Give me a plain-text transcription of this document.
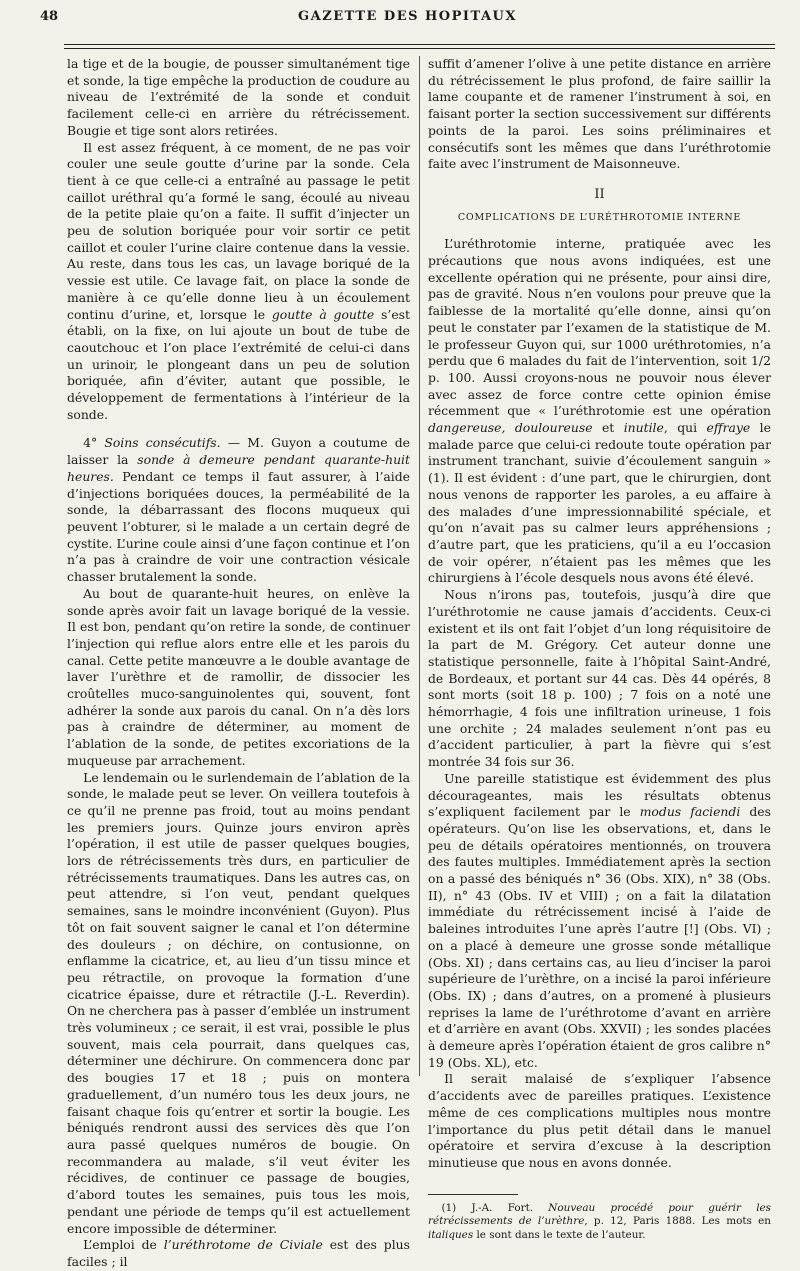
48	GAZETTE DES HOPITAUX

la tige et de la bougie, de pousser simultanément tige et sonde, la tige empêche la production de coudure au niveau de l’extrémité de la sonde et conduit facilement celle-ci en arrière du rétrécissement. Bougie et tige sont alors retirées.

Il est assez fréquent, à ce moment, de ne pas voir couler une seule goutte d’urine par la sonde. Cela tient à ce que celle-ci a entraîné au passage le petit caillot uréthral qu’a formé le sang, écoulé au niveau de la petite plaie qu’on a faite. Il suffit d’injecter un peu de solution boriquée pour voir sortir ce petit caillot et couler l’urine claire contenue dans la vessie. Au reste, dans tous les cas, un lavage boriqué de la vessie est utile. Ce lavage fait, on place la sonde de manière à ce qu’elle donne lieu à un écoulement continu d’urine, et, lorsque le goutte à goutte s’est établi, on la fixe, on lui ajoute un bout de tube de caoutchouc et l’on place l’extrémité de celui-ci dans un urinoir, le plongeant dans un peu de solution boriquée, afin d’éviter, autant que possible, le développement de fermentations à l’intérieur de la sonde.

4° Soins consécutifs. — M. Guyon a coutume de laisser la sonde à demeure pendant quarante-huit heures. Pendant ce temps il faut assurer, à l’aide d’injections boriquées douces, la perméabilité de la sonde, la débarrassant des flocons muqueux qui peuvent l’obturer, si le malade a un certain degré de cystite. L’urine coule ainsi d’une façon continue et l’on n’a pas à craindre de voir une contraction vésicale chasser brutalement la sonde.

Au bout de quarante-huit heures, on enlève la sonde après avoir fait un lavage boriqué de la vessie. Il est bon, pendant qu’on retire la sonde, de continuer l’injection qui reflue alors entre elle et les parois du canal. Cette petite manœuvre a le double avantage de laver l’urèthre et de ramollir, de dissocier les croûtelles muco-sanguinolentes qui, souvent, font adhérer la sonde aux parois du canal. On n’a dès lors pas à craindre de déterminer, au moment de l’ablation de la sonde, de petites excoriations de la muqueuse par arrachement.

Le lendemain ou le surlendemain de l’ablation de la sonde, le malade peut se lever. On veillera toutefois à ce qu’il ne prenne pas froid, tout au moins pendant les premiers jours. Quinze jours environ après l’opération, il est utile de passer quelques bougies, lors de rétrécissements très durs, en particulier de rétrécissements traumatiques. Dans les autres cas, on peut attendre, si l’on veut, pendant quelques semaines, sans le moindre inconvénient (Guyon). Plus tôt on fait souvent saigner le canal et l’on détermine des douleurs ; on déchire, on contusionne, on enflamme la cicatrice, et, au lieu d’un tissu mince et peu rétractile, on provoque la formation d’une cicatrice épaisse, dure et rétractile (J.-L. Reverdin). On ne cherchera pas à passer d’emblée un instrument très volumineux ; ce serait, il est vrai, possible le plus souvent, mais cela pourrait, dans quelques cas, déterminer une déchirure. On commencera donc par des bougies 17 et 18 ; puis on montera graduellement, d’un numéro tous les deux jours, ne faisant chaque fois qu’entrer et sortir la bougie. Les béniqués rendront aussi des services dès que l’on aura passé quelques numéros de bougie. On recommandera au malade, s’il veut éviter les récidives, de continuer ce passage de bougies, d’abord toutes les semaines, puis tous les mois, pendant une période de temps qu’il est actuellement encore impossible de déterminer.

L’emploi de l’uréthrotome de Civiale est des plus faciles ; il

suffit d’amener l’olive à une petite distance en arrière du rétrécissement le plus profond, de faire saillir la lame coupante et de ramener l’instrument à soi, en faisant porter la section successivement sur différents points de la paroi. Les soins préliminaires et consécutifs sont les mêmes que dans l’uréthrotomie faite avec l’instrument de Maisonneuve.

II
COMPLICATIONS DE L’URÉTHROTOMIE INTERNE

L’uréthrotomie interne, pratiquée avec les précautions que nous avons indiquées, est une excellente opération qui ne présente, pour ainsi dire, pas de gravité. Nous n’en voulons pour preuve que la faiblesse de la mortalité qu’elle donne, ainsi qu’on peut le constater par l’examen de la statistique de M. le professeur Guyon qui, sur 1000 uréthrotomies, n’a perdu que 6 malades du fait de l’intervention, soit 1/2 p. 100. Aussi croyons-nous ne pouvoir nous élever avec assez de force contre cette opinion émise récemment que « l’uréthrotomie est une opération dangereuse, douloureuse et inutile, qui effraye le malade parce que celui-ci redoute toute opération par instrument tranchant, suivie d’écoulement sanguin » (1). Il est évident : d’une part, que le chirurgien, dont nous venons de rapporter les paroles, a eu affaire à des malades d’une impressionnabilité spéciale, et qu’on n’avait pas su calmer leurs appréhensions ; d’autre part, que les praticiens, qu’il a eu l’occasion de voir opérer, n’étaient pas les mêmes que les chirurgiens à l’école desquels nous avons été élevé.

Nous n’irons pas, toutefois, jusqu’à dire que l’uréthrotomie ne cause jamais d’accidents. Ceux-ci existent et ils ont fait l’objet d’un long réquisitoire de la part de M. Grégory. Cet auteur donne une statistique personnelle, faite à l’hôpital Saint-André, de Bordeaux, et portant sur 44 cas. Dès 44 opérés, 8 sont morts (soit 18 p. 100) ; 7 fois on a noté une hémorrhagie, 4 fois une infiltration urineuse, 1 fois une orchite ; 24 malades seulement n’ont pas eu d’accident particulier, à part la fièvre qui s’est montrée 34 fois sur 36.

Une pareille statistique est évidemment des plus décourageantes, mais les résultats obtenus s’expliquent facilement par le modus faciendi des opérateurs. Qu’on lise les observations, et, dans le peu de détails opératoires mentionnés, on trouvera des fautes multiples. Immédiatement après la section on a passé des béniqués n° 36 (Obs. XIX), n° 38 (Obs. II), n° 43 (Obs. IV et VIII) ; on a fait la dilatation immédiate du rétrécissement incisé à l’aide de baleines introduites l’une après l’autre [!] (Obs. VI) ; on a placé à demeure une grosse sonde métallique (Obs. XI) ; dans certains cas, au lieu d’inciser la paroi supérieure de l’urèthre, on a incisé la paroi inférieure (Obs. IX) ; dans d’autres, on a promené à plusieurs reprises la lame de l’uréthrotome d’avant en arrière et d’arrière en avant (Obs. XXVII) ; les sondes placées à demeure après l’opération étaient de gros calibre n° 19 (Obs. XL), etc.

Il serait malaisé de s’expliquer l’absence d’accidents avec de pareilles pratiques. L’existence même de ces complications multiples nous montre l’importance du plus petit détail dans le manuel opératoire et servira d’excuse à la description minutieuse que nous en avons donnée.

(1) J.-A. Fort. Nouveau procédé pour guérir les rétrécissements de l’urèthre, p. 12, Paris 1888. Les mots en italiques le sont dans le texte de l’auteur.
